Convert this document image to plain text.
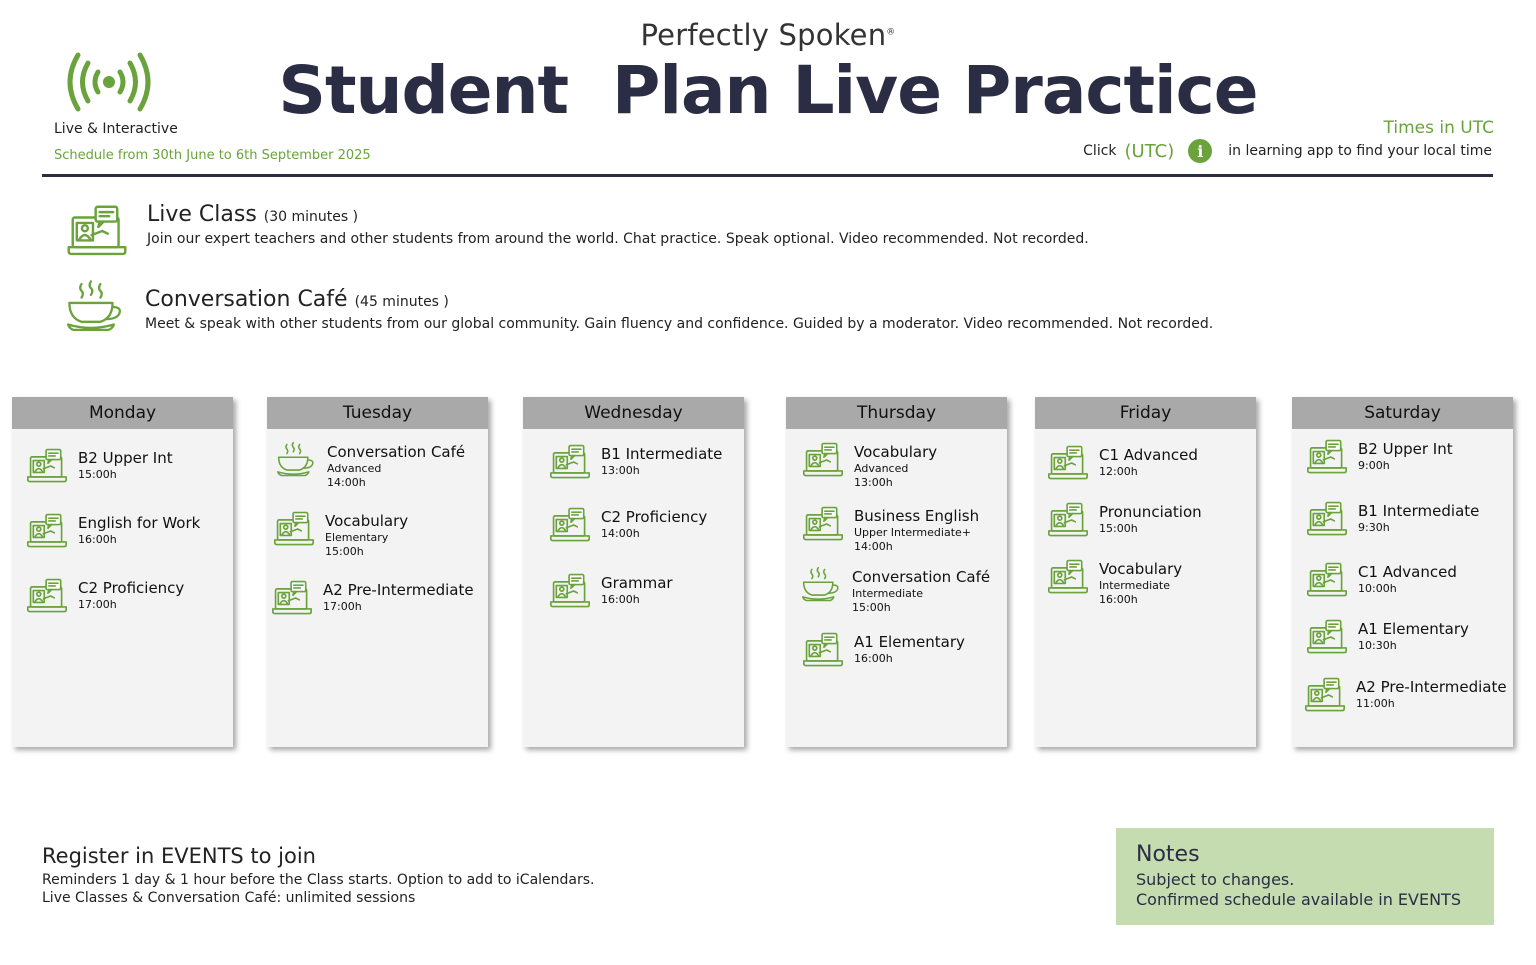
Live & Interactive
Schedule from 30th June to 6th September 2025
Perfectly Spoken®
Student  Plan Live Practice	Times in UTC
Click (UTC)	i	in learning app to find your local time
Live Class (30 minutes )
Join our expert teachers and other students from around the world. Chat practice. Speak optional. Video recommended. Not recorded.
Conversation Café (45 minutes )
Meet & speak with other students from our global community. Gain fluency and confidence. Guided by a moderator. Video recommended. Not recorded.
Monday
B2 Upper Int
15:00h
English for Work
16:00h
C2 Proficiency
17:00h
Tuesday
Conversation Café
Advanced
14:00h
Vocabulary
Elementary
15:00h
A2 Pre-Intermediate
17:00h
Wednesday
B1 Intermediate
13:00h
C2 Proficiency
14:00h
Grammar
16:00h
Thursday
Vocabulary
Advanced
13:00h
Business English
Upper Intermediate+
14:00h
Conversation Café
Intermediate
15:00h
A1 Elementary
16:00h
Friday
C1 Advanced
12:00h
Pronunciation
15:00h
Vocabulary
Intermediate
16:00h
Saturday
B2 Upper Int
9:00h
B1 Intermediate
9:30h
C1 Advanced
10:00h
A1 Elementary
10:30h
A2 Pre-Intermediate
11:00h
Register in EVENTS to join
Reminders 1 day & 1 hour before the Class starts. Option to add to iCalendars.
Live Classes & Conversation Café: unlimited sessions
Notes
Subject to changes.
Confirmed schedule available in EVENTS
